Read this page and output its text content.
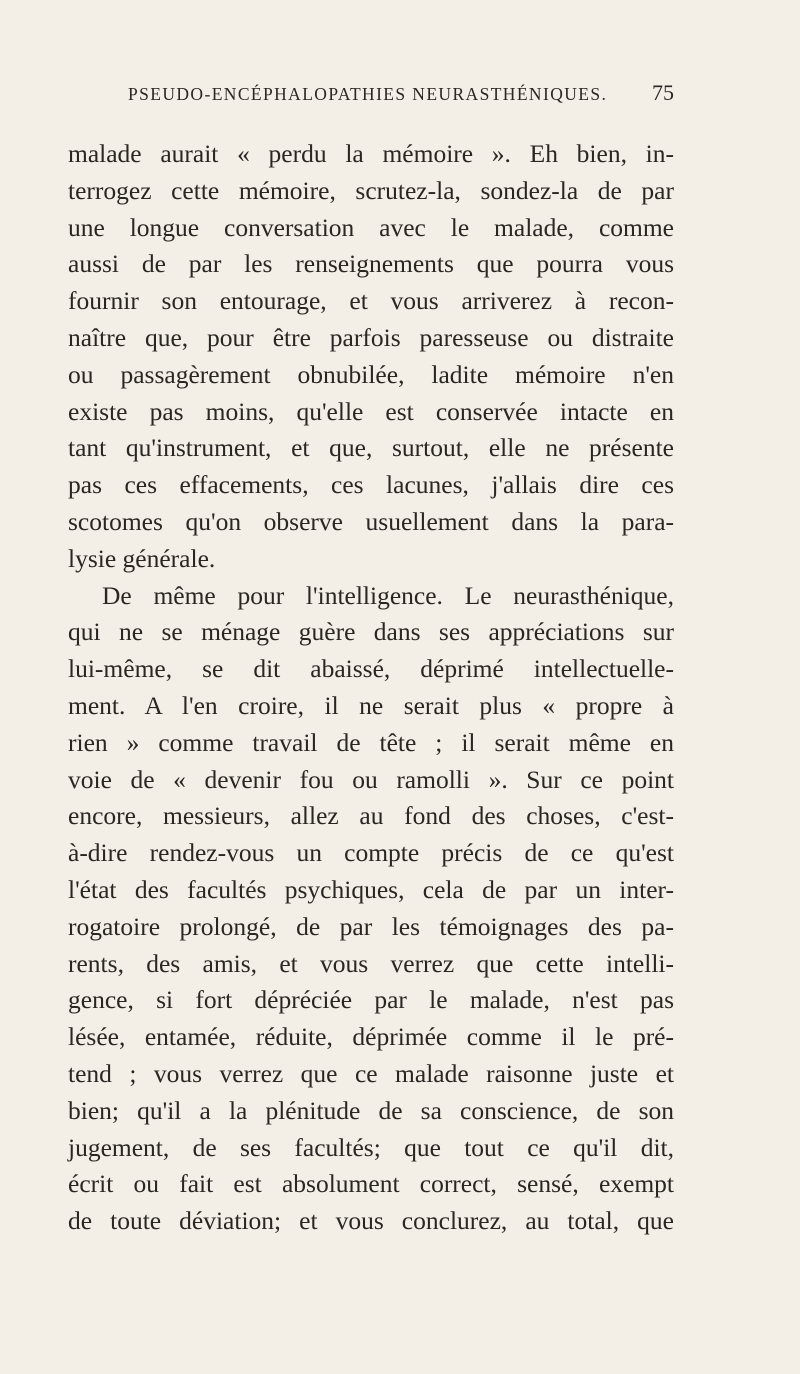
PSEUDO-ENCÉPHALOPATHIES NEURASTHÉNIQUES. 75
malade aurait « perdu la mémoire ». Eh bien, in-
terrogez cette mémoire, scrutez-la, sondez-la de par
une longue conversation avec le malade, comme
aussi de par les renseignements que pourra vous
fournir son entourage, et vous arriverez à recon-
naître que, pour être parfois paresseuse ou distraite
ou passagèrement obnubilée, ladite mémoire n'en
existe pas moins, qu'elle est conservée intacte en
tant qu'instrument, et que, surtout, elle ne présente
pas ces effacements, ces lacunes, j'allais dire ces
scotomes qu'on observe usuellement dans la para-
lysie générale.
De même pour l'intelligence. Le neurasthénique,
qui ne se ménage guère dans ses appréciations sur
lui-même, se dit abaissé, déprimé intellectuelle-
ment. A l'en croire, il ne serait plus « propre à
rien » comme travail de tête ; il serait même en
voie de « devenir fou ou ramolli ». Sur ce point
encore, messieurs, allez au fond des choses, c'est-
à-dire rendez-vous un compte précis de ce qu'est
l'état des facultés psychiques, cela de par un inter-
rogatoire prolongé, de par les témoignages des pa-
rents, des amis, et vous verrez que cette intelli-
gence, si fort dépréciée par le malade, n'est pas
lésée, entamée, réduite, déprimée comme il le pré-
tend ; vous verrez que ce malade raisonne juste et
bien; qu'il a la plénitude de sa conscience, de son
jugement, de ses facultés; que tout ce qu'il dit,
écrit ou fait est absolument correct, sensé, exempt
de toute déviation; et vous conclurez, au total, que
